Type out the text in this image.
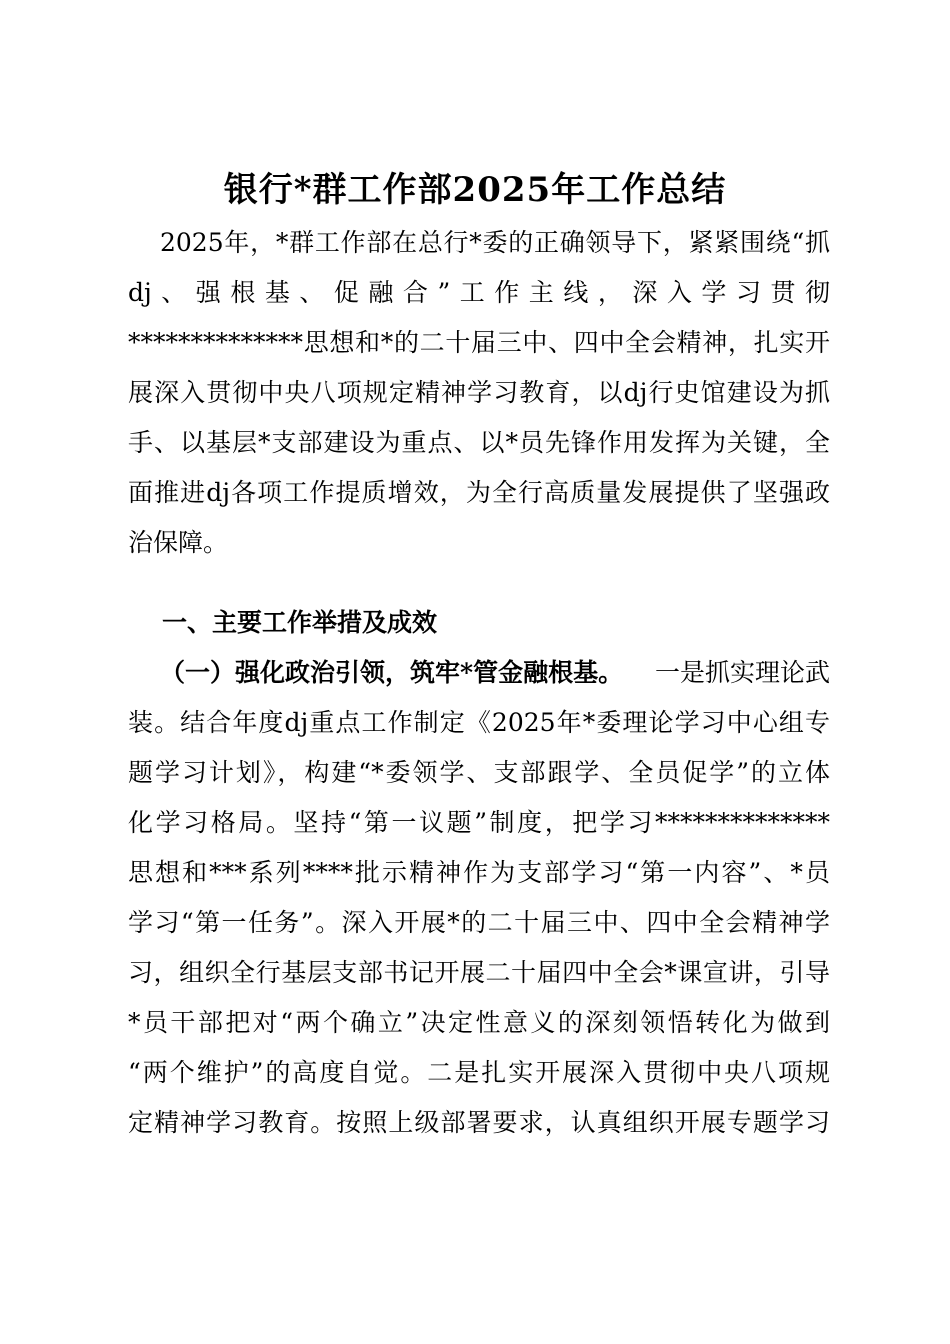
银行*群工作部2025年工作总结
2025年，*群工作部在总行*委的正确领导下，紧紧围绕“抓
dj、强根基、促融合”工作主线，深入学习贯彻
**************思想和*的二十届三中、四中全会精神，扎实开
展深入贯彻中央八项规定精神学习教育，以dj行史馆建设为抓
手、以基层*支部建设为重点、以*员先锋作用发挥为关键，全
面推进dj各项工作提质增效，为全行高质量发展提供了坚强政
治保障。
一、主要工作举措及成效
（一）强化政治引领，筑牢*管金融根基。 一是抓实理论武
装。结合年度dj重点工作制定《2025年*委理论学习中心组专
题学习计划》，构建“*委领学、支部跟学、全员促学”的立体
化学习格局。坚持“第一议题”制度，把学习**************
思想和***系列****批示精神作为支部学习“第一内容”、*员
学习“第一任务”。深入开展*的二十届三中、四中全会精神学
习，组织全行基层支部书记开展二十届四中全会*课宣讲，引导
*员干部把对“两个确立”决定性意义的深刻领悟转化为做到
“两个维护”的高度自觉。二是扎实开展深入贯彻中央八项规
定精神学习教育。按照上级部署要求，认真组织开展专题学习
